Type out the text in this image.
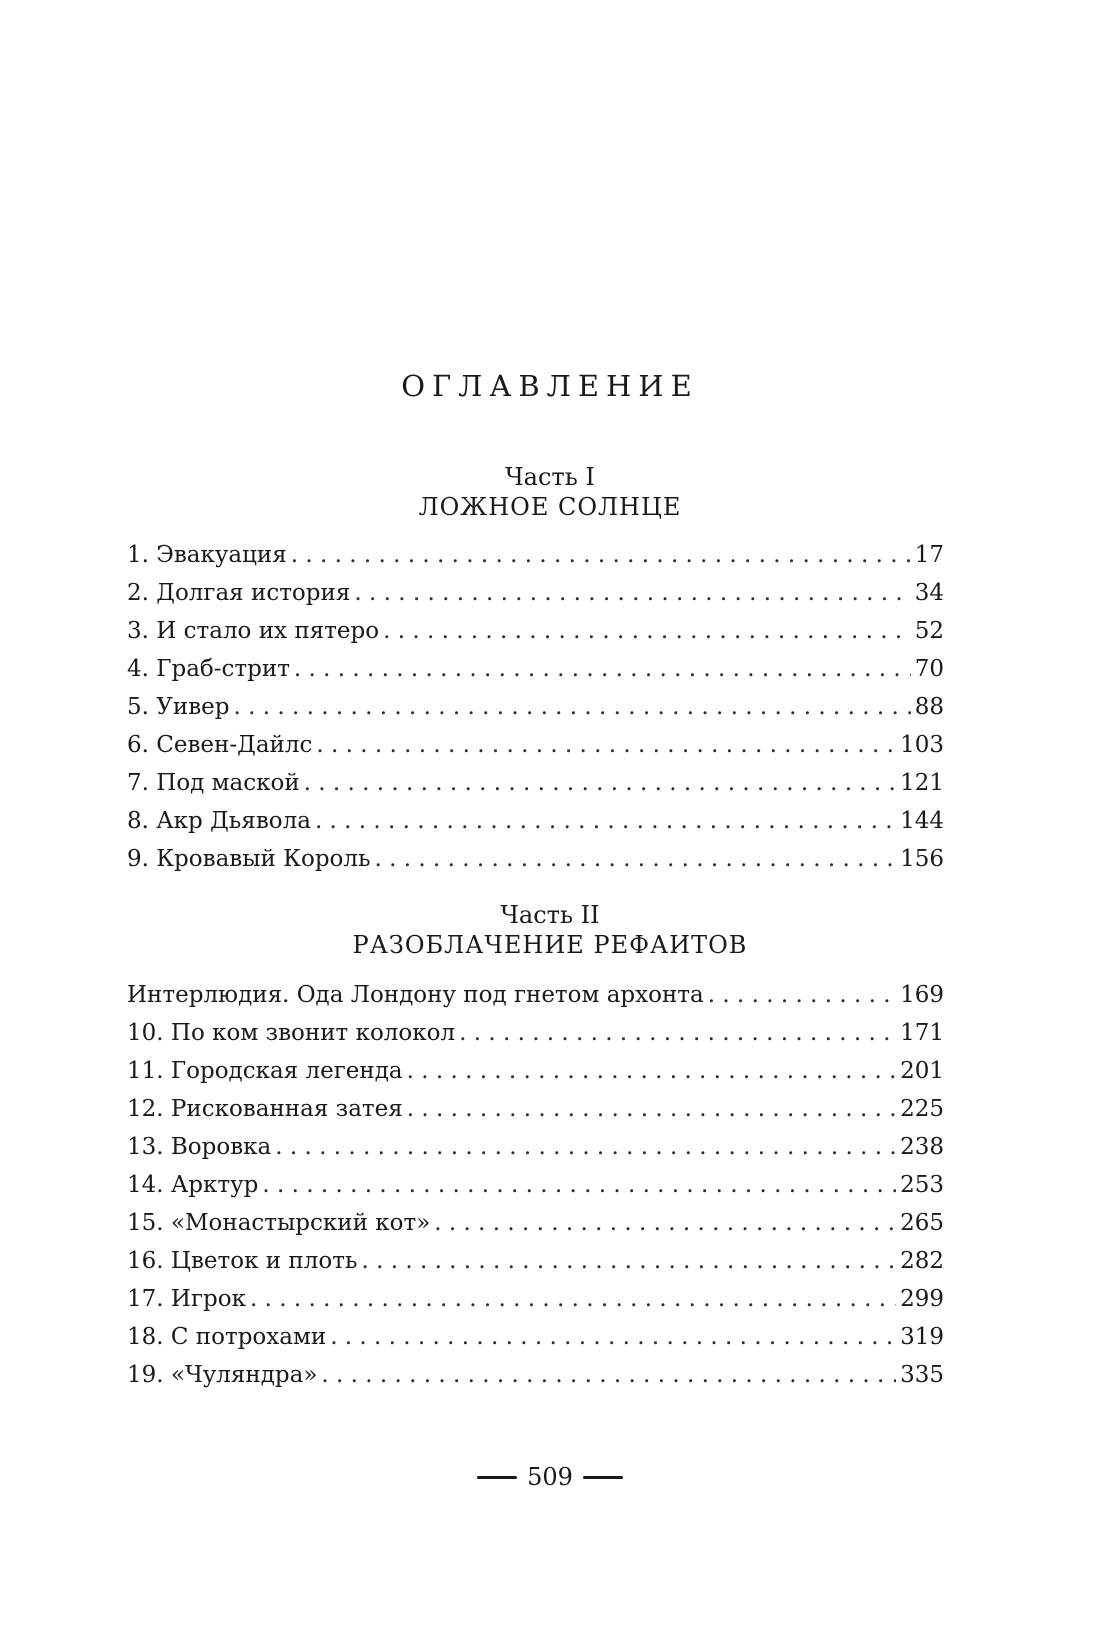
ОГЛАВЛЕНИЕ
Часть I
ЛОЖНОЕ СОЛНЦЕ
1. Эвакуация . . .	17
2. Долгая история . . .	34
3. И стало их пятеро . . .	52
4. Граб-стрит . . .	70
5. Уивер . . .	88
6. Севен-Дайлс . . .	103
7. Под маской . . .	121
8. Акр Дьявола . . .	144
9. Кровавый Король . . .	156
Часть II
РАЗОБЛАЧЕНИЕ РЕФАИТОВ
Интерлюдия. Ода Лондону под гнетом архонта . . .	169
10. По ком звонит колокол . . .	171
11. Городская легенда . . .	201
12. Рискованная затея . . .	225
13. Воровка . . .	238
14. Арктур . . .	253
15. «Монастырский кот» . . .	265
16. Цветок и плоть . . .	282
17. Игрок . . .	299
18. С потрохами . . .	319
19. «Чуляндра» . . .	335
509
